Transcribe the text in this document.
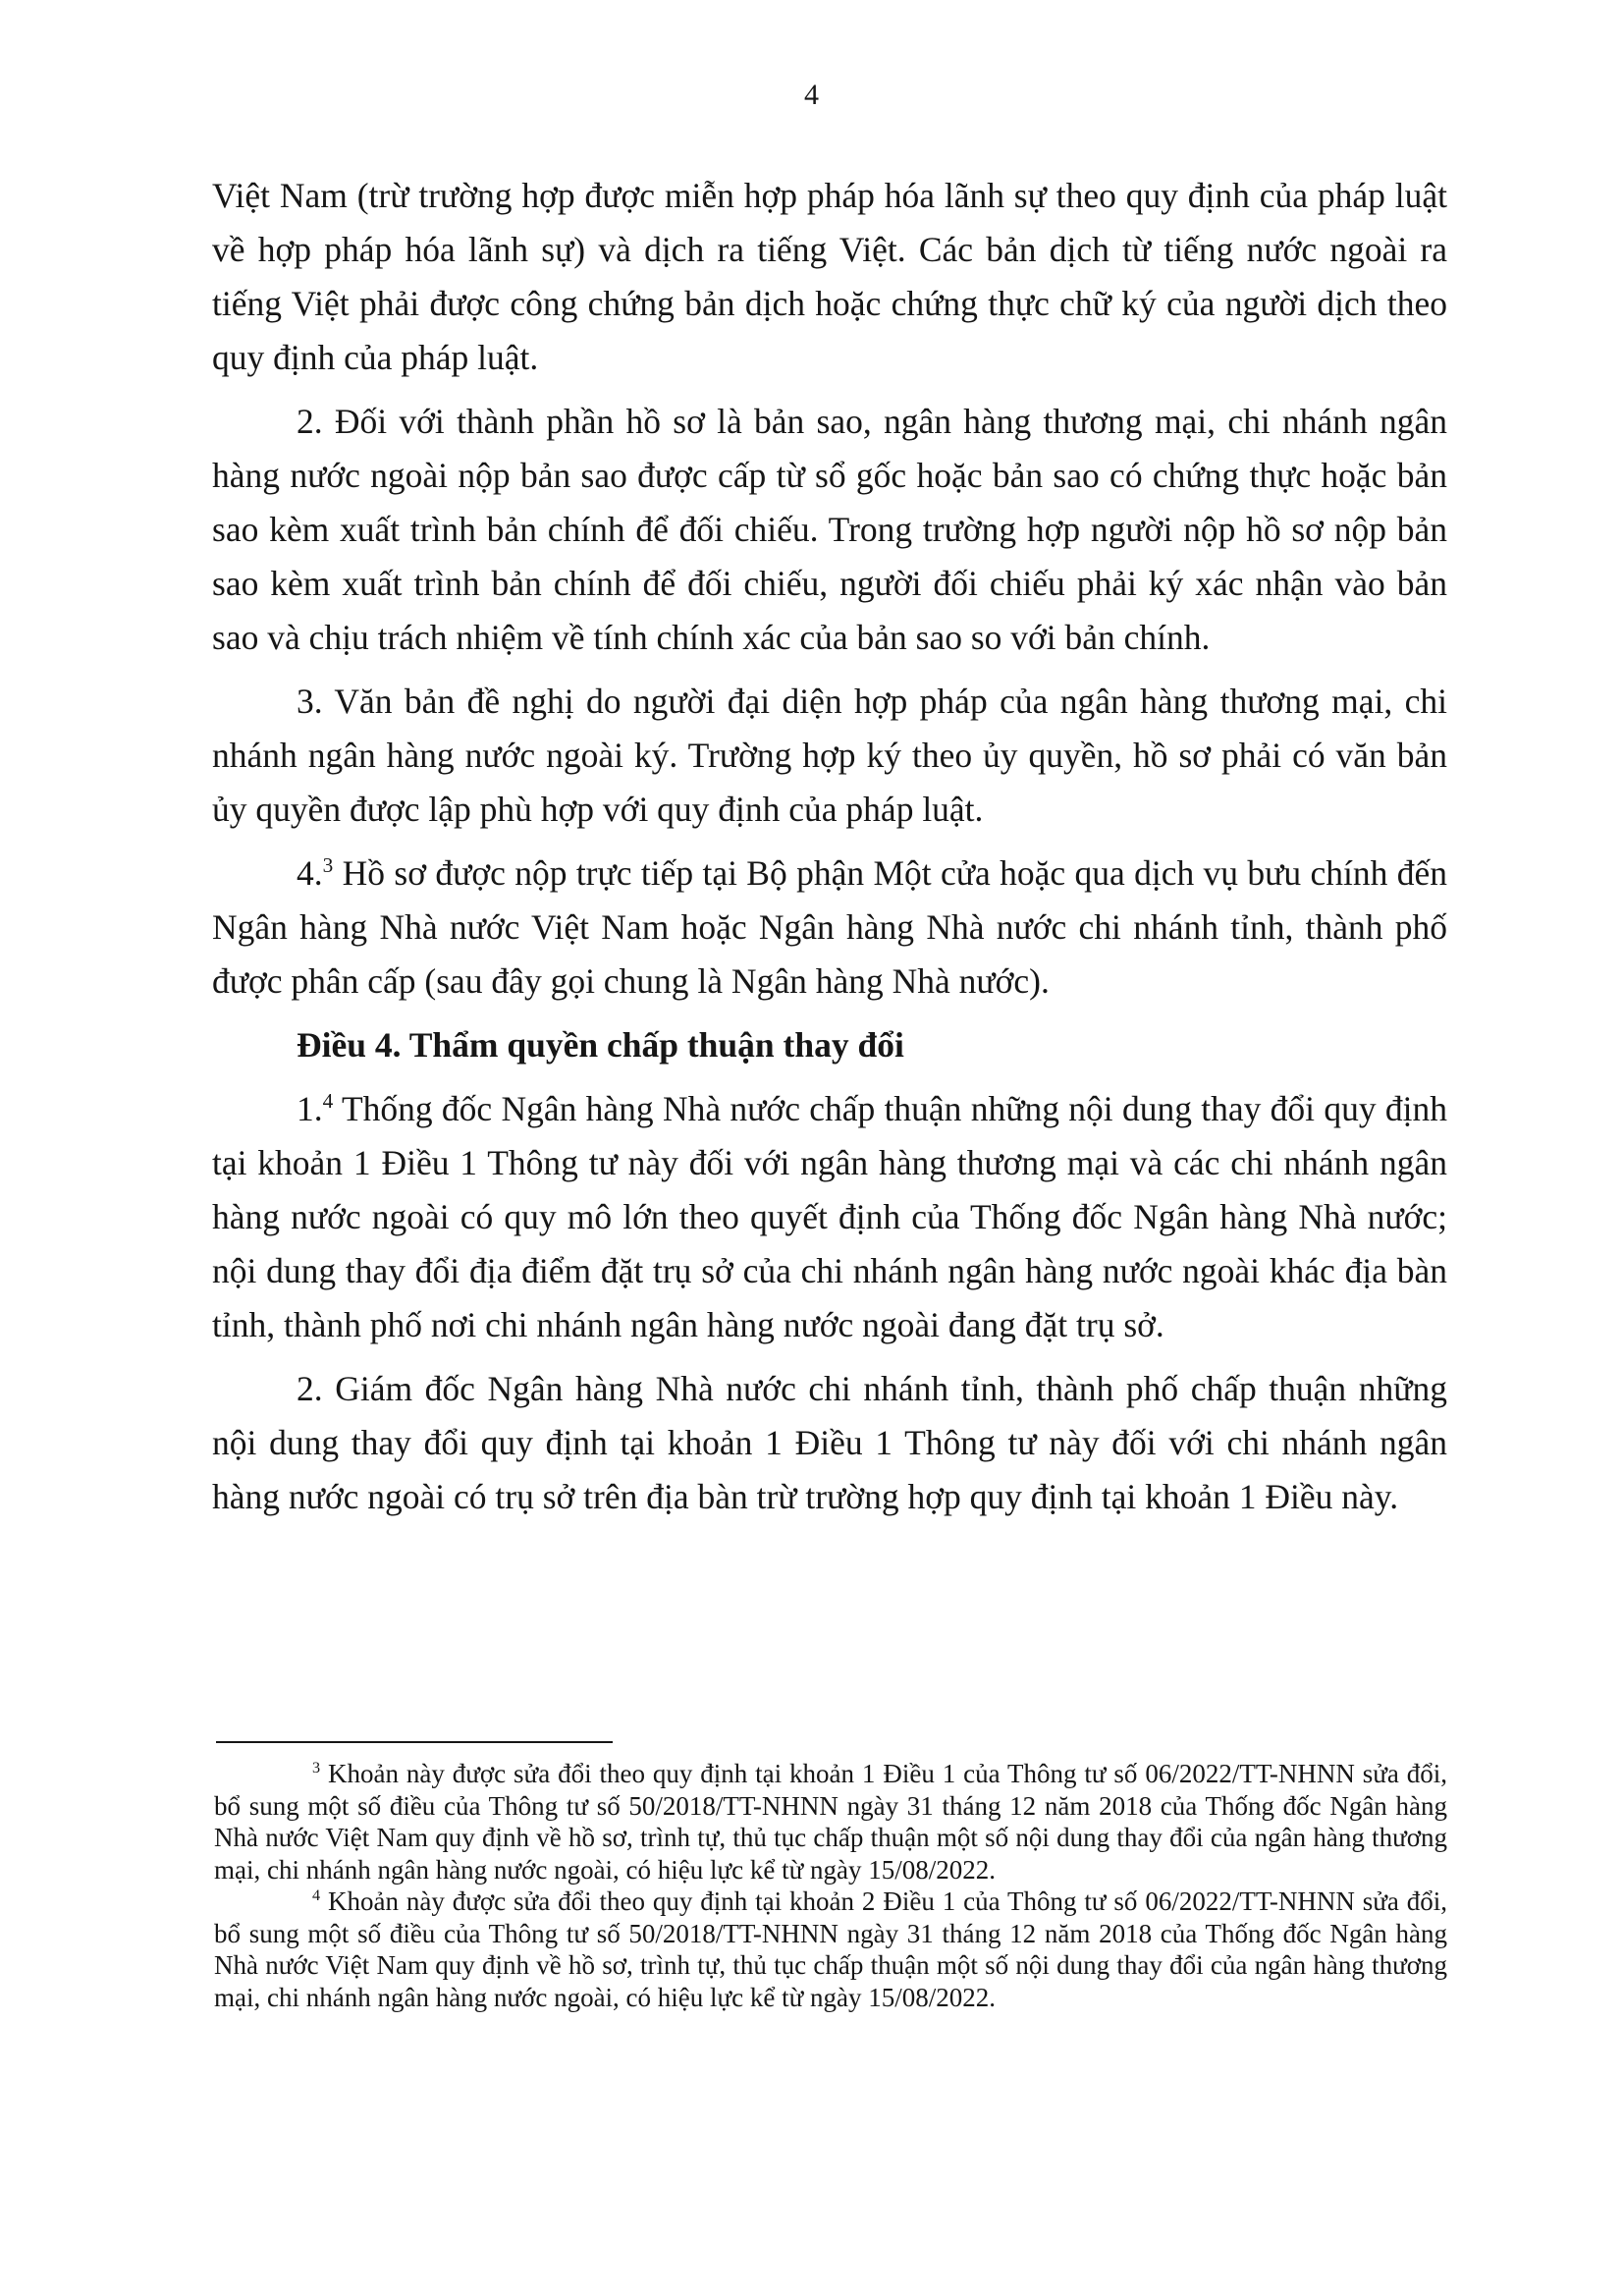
4

Việt Nam (trừ trường hợp được miễn hợp pháp hóa lãnh sự theo quy định của pháp luật về hợp pháp hóa lãnh sự) và dịch ra tiếng Việt. Các bản dịch từ tiếng nước ngoài ra tiếng Việt phải được công chứng bản dịch hoặc chứng thực chữ ký của người dịch theo quy định của pháp luật.

2. Đối với thành phần hồ sơ là bản sao, ngân hàng thương mại, chi nhánh ngân hàng nước ngoài nộp bản sao được cấp từ sổ gốc hoặc bản sao có chứng thực hoặc bản sao kèm xuất trình bản chính để đối chiếu. Trong trường hợp người nộp hồ sơ nộp bản sao kèm xuất trình bản chính để đối chiếu, người đối chiếu phải ký xác nhận vào bản sao và chịu trách nhiệm về tính chính xác của bản sao so với bản chính.

3. Văn bản đề nghị do người đại diện hợp pháp của ngân hàng thương mại, chi nhánh ngân hàng nước ngoài ký. Trường hợp ký theo ủy quyền, hồ sơ phải có văn bản ủy quyền được lập phù hợp với quy định của pháp luật.

4.$^3$ Hồ sơ được nộp trực tiếp tại Bộ phận Một cửa hoặc qua dịch vụ bưu chính đến Ngân hàng Nhà nước Việt Nam hoặc Ngân hàng Nhà nước chi nhánh tỉnh, thành phố được phân cấp (sau đây gọi chung là Ngân hàng Nhà nước).

Điều 4. Thẩm quyền chấp thuận thay đổi

1.$^4$ Thống đốc Ngân hàng Nhà nước chấp thuận những nội dung thay đổi quy định tại khoản 1 Điều 1 Thông tư này đối với ngân hàng thương mại và các chi nhánh ngân hàng nước ngoài có quy mô lớn theo quyết định của Thống đốc Ngân hàng Nhà nước; nội dung thay đổi địa điểm đặt trụ sở của chi nhánh ngân hàng nước ngoài khác địa bàn tỉnh, thành phố nơi chi nhánh ngân hàng nước ngoài đang đặt trụ sở.

2. Giám đốc Ngân hàng Nhà nước chi nhánh tỉnh, thành phố chấp thuận những nội dung thay đổi quy định tại khoản 1 Điều 1 Thông tư này đối với chi nhánh ngân hàng nước ngoài có trụ sở trên địa bàn trừ trường hợp quy định tại khoản 1 Điều này.

$^3$ Khoản này được sửa đổi theo quy định tại khoản 1 Điều 1 của Thông tư số 06/2022/TT-NHNN sửa đổi, bổ sung một số điều của Thông tư số 50/2018/TT-NHNN ngày 31 tháng 12 năm 2018 của Thống đốc Ngân hàng Nhà nước Việt Nam quy định về hồ sơ, trình tự, thủ tục chấp thuận một số nội dung thay đổi của ngân hàng thương mại, chi nhánh ngân hàng nước ngoài, có hiệu lực kể từ ngày 15/08/2022.

$^4$ Khoản này được sửa đổi theo quy định tại khoản 2 Điều 1 của Thông tư số 06/2022/TT-NHNN sửa đổi, bổ sung một số điều của Thông tư số 50/2018/TT-NHNN ngày 31 tháng 12 năm 2018 của Thống đốc Ngân hàng Nhà nước Việt Nam quy định về hồ sơ, trình tự, thủ tục chấp thuận một số nội dung thay đổi của ngân hàng thương mại, chi nhánh ngân hàng nước ngoài, có hiệu lực kể từ ngày 15/08/2022.
